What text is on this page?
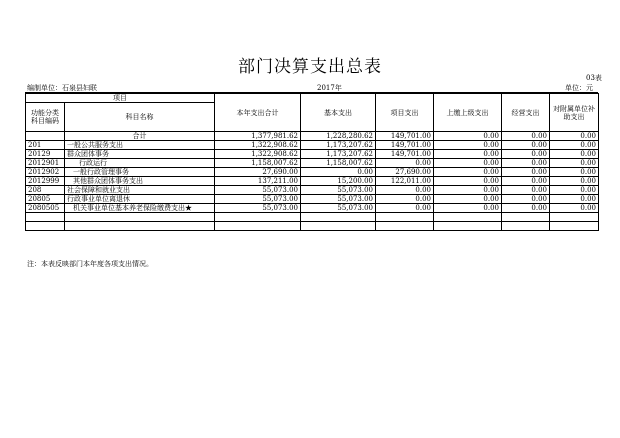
部门决算支出总表
编制单位：石泉县妇联	2017年
03表
单位：元
项目		本年支出合计	基本支出	项目支出	上缴上级支出	经营支出	对附属单位补助支出
功能分类科目编码	科目名称						
	合计	1,377,981.62	1,228,280.62	149,701.00	0.00	0.00	0.00
201	一般公共服务支出	1,322,908.62	1,173,207.62	149,701.00	0.00	0.00	0.00
20129	群众团体事务	1,322,908.62	1,173,207.62	149,701.00	0.00	0.00	0.00
2012901	行政运行	1,158,007.62	1,158,007.62	0.00	0.00	0.00	0.00
2012902	一般行政管理事务	27,690.00	0.00	27,690.00	0.00	0.00	0.00
2012999	其他群众团体事务支出	137,211.00	15,200.00	122,011.00	0.00	0.00	0.00
208	社会保障和就业支出	55,073.00	55,073.00	0.00	0.00	0.00	0.00
20805	行政事业单位离退休	55,073.00	55,073.00	0.00	0.00	0.00	0.00
2080505	机关事业单位基本养老保险缴费支出★	55,073.00	55,073.00	0.00	0.00	0.00	0.00

注：本表反映部门本年度各项支出情况。
